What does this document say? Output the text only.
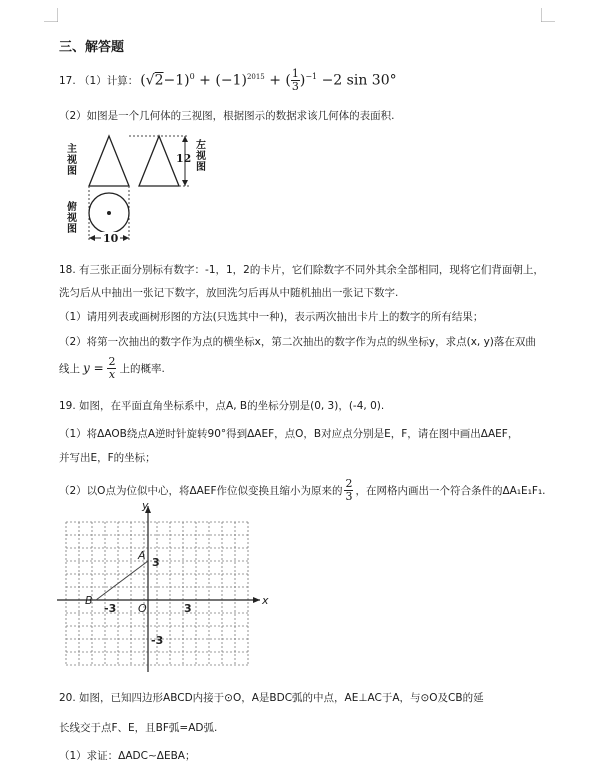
三、解答题
17. （1）计算： $(√2-1)^0 + (-1)^{2015}$ + ( $\frac{1}{3} )^{-1} -2$ sin 30°
（2）如图是一个几何体的三视图，根据图示的数据求该几何体的表面积.
主视图
左视图
俯视图
12
10
18. 有三张正面分别标有数字：-1，1，2的卡片，它们除数字不同外其余全部相同，现将它们背面朝上，
洗匀后从中抽出一张记下数字，放回洗匀后再从中随机抽出一张记下数字.
（1）请用列表或画树形图的方法(只选其中一种)，表示两次抽出卡片上的数字的所有结果；
（2）将第一次抽出的数字作为点的横坐标x，第二次抽出的数字作为点的纵坐标y，求点(x, y)落在双曲
线上 $y = \frac{2}{x}$ 上的概率.
19. 如图，在平面直角坐标系中，点A, B的坐标分别是(0, 3)，(-4, 0).
（1）将ΔAOB绕点A逆时针旋转90°得到ΔAEF，点O，B对应点分别是E，F，请在图中画出ΔAEF，
并写出E，F的坐标；
（2）以O点为位似中心，将ΔAEF作位似变换且缩小为原来的 $\frac{2}{3}$ ，在网格内画出一个符合条件的ΔA₁E₁F₁.
y
x
A
B
O
3
-3	3
-3
20. 如图，已知四边形ABCD内接于⊙O，A是BDC弧的中点，AE⊥AC于A，与⊙O及CB的延
长线交于点F、E，且BF弧=AD弧.
（1）求证：ΔADC∼ΔEBA；
